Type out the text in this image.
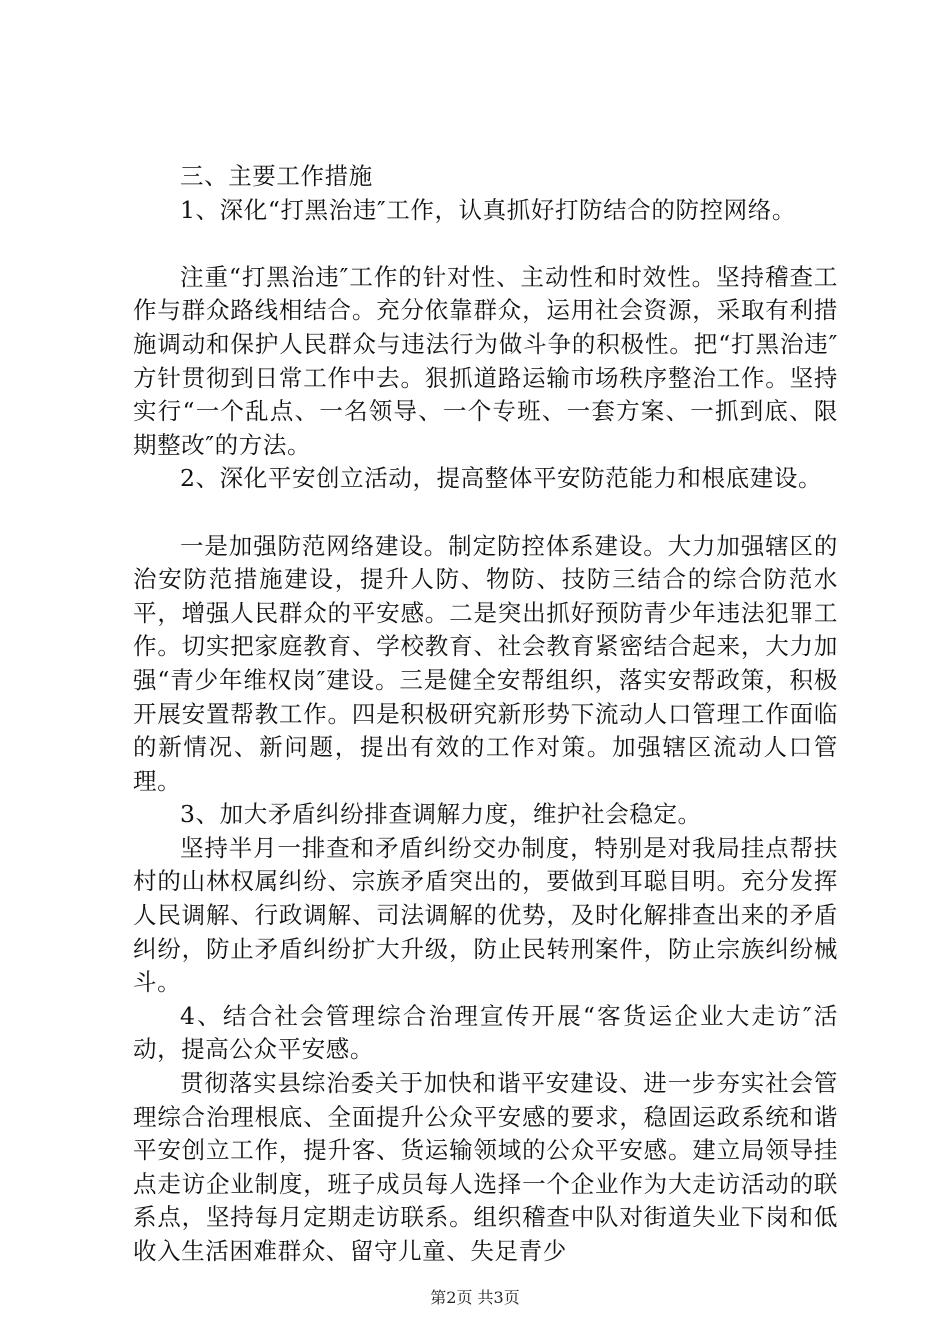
三、主要工作措施

1、深化“打黑治违″工作，认真抓好打防结合的防控网络。

注重“打黑治违″工作的针对性、主动性和时效性。坚持稽查工作与群众路线相结合。充分依靠群众，运用社会资源，采取有利措施调动和保护人民群众与违法行为做斗争的积极性。把“打黑治违″方针贯彻到日常工作中去。狠抓道路运输市场秩序整治工作。坚持实行“一个乱点、一名领导、一个专班、一套方案、一抓到底、限期整改″的方法。

2、深化平安创立活动，提高整体平安防范能力和根底建设。

一是加强防范网络建设。制定防控体系建设。大力加强辖区的治安防范措施建设，提升人防、物防、技防三结合的综合防范水平，增强人民群众的平安感。二是突出抓好预防青少年违法犯罪工作。切实把家庭教育、学校教育、社会教育紧密结合起来，大力加强“青少年维权岗″建设。三是健全安帮组织，落实安帮政策，积极开展安置帮教工作。四是积极研究新形势下流动人口管理工作面临的新情况、新问题，提出有效的工作对策。加强辖区流动人口管理。

3、加大矛盾纠纷排查调解力度，维护社会稳定。

坚持半月一排查和矛盾纠纷交办制度，特别是对我局挂点帮扶村的山林权属纠纷、宗族矛盾突出的，要做到耳聪目明。充分发挥人民调解、行政调解、司法调解的优势，及时化解排查出来的矛盾纠纷，防止矛盾纠纷扩大升级，防止民转刑案件，防止宗族纠纷械斗。

4、结合社会管理综合治理宣传开展“客货运企业大走访″活动，提高公众平安感。

贯彻落实县综治委关于加快和谐平安建设、进一步夯实社会管理综合治理根底、全面提升公众平安感的要求，稳固运政系统和谐平安创立工作，提升客、货运输领域的公众平安感。建立局领导挂点走访企业制度，班子成员每人选择一个企业作为大走访活动的联系点，坚持每月定期走访联系。组织稽查中队对街道失业下岗和低收入生活困难群众、留守儿童、失足青少

第2页 共3页
